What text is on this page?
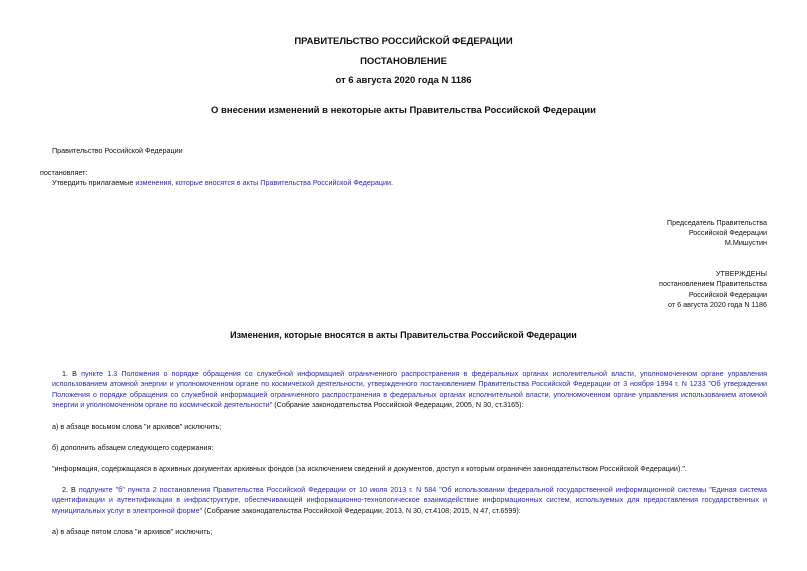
ПРАВИТЕЛЬСТВО РОССИЙСКОЙ ФЕДЕРАЦИИ
ПОСТАНОВЛЕНИЕ
от 6 августа 2020 года N 1186
О внесении изменений в некоторые акты Правительства Российской Федерации
Правительство Российской Федерации
постановляет:
Утвердить прилагаемые изменения, которые вносятся в акты Правительства Российской Федерации.
Председатель Правительства
Российской Федерации
М.Мишустин
УТВЕРЖДЕНЫ
постановлением Правительства
Российской Федерации
от 6 августа 2020 года N 1186
Изменения, которые вносятся в акты Правительства Российской Федерации
1. В пункте 1.3 Положения о порядке обращения со служебной информацией ограниченного распространения в федеральных органах исполнительной власти, уполномоченном органе управления использованием атомной энергии и уполномоченном органе по космической деятельности, утвержденного постановлением Правительства Российской Федерации от 3 ноября 1994 г. N 1233 "Об утверждении Положения о порядке обращения со служебной информацией ограниченного распространения в федеральных органах исполнительной власти, уполномоченном органе управления использованием атомной энергии и уполномоченном органе по космической деятельности" (Собрание законодательства Российской Федерации, 2005, N 30, ст.3165):
а) в абзаце восьмом слова "и архивов" исключить;
б) дополнить абзацем следующего содержания:
"информация, содержащаяся в архивных документах архивных фондов (за исключением сведений и документов, доступ к которым ограничен законодательством Российской Федерации).".
2. В подпункте "б" пункта 2 постановления Правительства Российской Федерации от 10 июля 2013 г. N 584 "Об использовании федеральной государственной информационной системы "Единая система идентификации и аутентификации в инфраструктуре, обеспечивающей информационно-технологическое взаимодействие информационных систем, используемых для предоставления государственных и муниципальных услуг в электронной форме" (Собрание законодательства Российской Федерации, 2013, N 30, ст.4108; 2015, N 47, ст.6599):
а) в абзаце пятом слова "и архивов" исключить;
